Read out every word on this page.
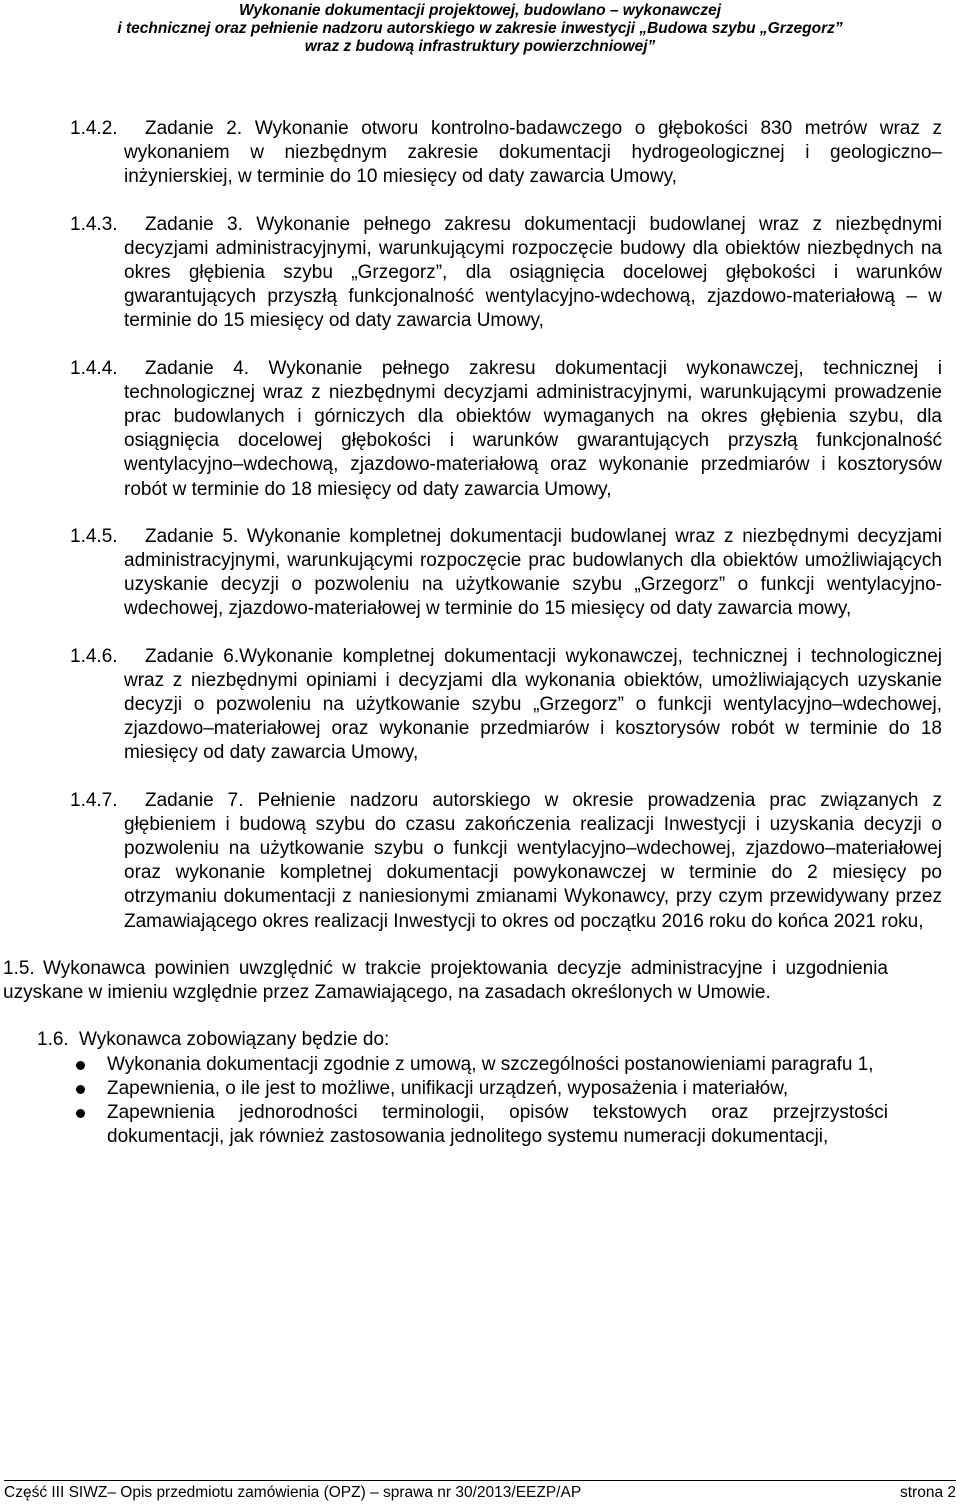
Wykonanie dokumentacji projektowej, budowlano – wykonawczej
i technicznej oraz pełnienie nadzoru autorskiego w zakresie inwestycji „Budowa szybu „Grzegorz”
wraz z budową infrastruktury powierzchniowej”
1.4.2. Zadanie 2. Wykonanie otworu kontrolno-badawczego o głębokości 830 metrów wraz z wykonaniem w niezbędnym zakresie dokumentacji hydrogeologicznej i geologiczno–inżynierskiej, w terminie do 10 miesięcy od daty zawarcia Umowy,
1.4.3. Zadanie 3. Wykonanie pełnego zakresu dokumentacji budowlanej wraz z niezbędnymi decyzjami administracyjnymi, warunkującymi rozpoczęcie budowy dla obiektów niezbędnych na okres głębienia szybu „Grzegorz”, dla osiągnięcia docelowej głębokości i warunków gwarantujących przyszłą funkcjonalność wentylacyjno-wdechową, zjazdowo-materiałową – w terminie do 15 miesięcy od daty zawarcia Umowy,
1.4.4. Zadanie 4. Wykonanie pełnego zakresu dokumentacji wykonawczej, technicznej i technologicznej wraz z niezbędnymi decyzjami administracyjnymi, warunkującymi prowadzenie prac budowlanych i górniczych dla obiektów wymaganych na okres głębienia szybu, dla osiągnięcia docelowej głębokości i warunków gwarantujących przyszłą funkcjonalność wentylacyjno–wdechową, zjazdowo-materiałową oraz wykonanie przedmiarów i kosztorysów robót w terminie do 18 miesięcy od daty zawarcia Umowy,
1.4.5. Zadanie 5. Wykonanie kompletnej dokumentacji budowlanej wraz z niezbędnymi decyzjami administracyjnymi, warunkującymi rozpoczęcie prac budowlanych dla obiektów umożliwiających uzyskanie decyzji o pozwoleniu na użytkowanie szybu „Grzegorz” o funkcji wentylacyjno-wdechowej, zjazdowo-materiałowej w terminie do 15 miesięcy od daty zawarcia mowy,
1.4.6. Zadanie 6.Wykonanie kompletnej dokumentacji wykonawczej, technicznej i technologicznej wraz z niezbędnymi opiniami i decyzjami dla wykonania obiektów, umożliwiających uzyskanie decyzji o pozwoleniu na użytkowanie szybu „Grzegorz” o funkcji wentylacyjno–wdechowej, zjazdowo–materiałowej oraz wykonanie przedmiarów i kosztorysów robót w terminie do 18 miesięcy od daty zawarcia Umowy,
1.4.7. Zadanie 7. Pełnienie nadzoru autorskiego w okresie prowadzenia prac związanych z głębieniem i budową szybu do czasu zakończenia realizacji Inwestycji i uzyskania decyzji o pozwoleniu na użytkowanie szybu o funkcji wentylacyjno–wdechowej, zjazdowo–materiałowej oraz wykonanie kompletnej dokumentacji powykonawczej w terminie do 2 miesięcy po otrzymaniu dokumentacji z naniesionymi zmianami Wykonawcy, przy czym przewidywany przez Zamawiającego okres realizacji Inwestycji to okres od początku 2016 roku do końca 2021 roku,
1.5. Wykonawca powinien uwzględnić w trakcie projektowania decyzje administracyjne i uzgodnienia uzyskane w imieniu względnie przez Zamawiającego, na zasadach określonych w Umowie.
1.6. Wykonawca zobowiązany będzie do:
Wykonania dokumentacji zgodnie z umową, w szczególności postanowieniami paragrafu 1,
Zapewnienia, o ile jest to możliwe, unifikacji urządzeń, wyposażenia i materiałów,
Zapewnienia jednorodności terminologii, opisów tekstowych oraz przejrzystości dokumentacji, jak również zastosowania jednolitego systemu numeracji dokumentacji,
Część III SIWZ– Opis przedmiotu zamówienia (OPZ) – sprawa nr 30/2013/EEZP/AP	strona 2
